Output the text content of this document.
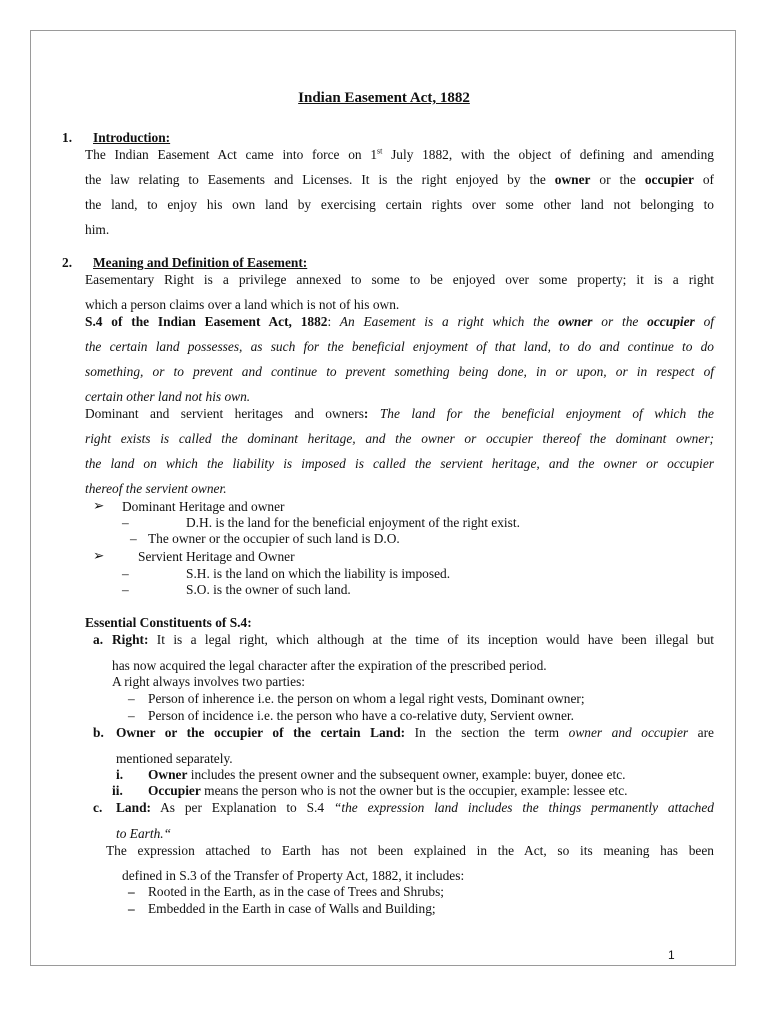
Indian Easement Act, 1882
1. Introduction:
The Indian Easement Act came into force on 1st July 1882, with the object of defining and amending
the law relating to Easements and Licenses. It is the right enjoyed by the owner or the occupier of
the land, to enjoy his own land by exercising certain rights over some other land not belonging to
him.
2. Meaning and Definition of Easement:
Easementary Right is a privilege annexed to some to be enjoyed over some property; it is a right
which a person claims over a land which is not of his own.
S.4 of the Indian Easement Act, 1882: An Easement is a right which the owner or the occupier of
the certain land possesses, as such for the beneficial enjoyment of that land, to do and continue to do
something, or to prevent and continue to prevent something being done, in or upon, or in respect of
certain other land not his own.
Dominant and servient heritages and owners: The land for the beneficial enjoyment of which the
right exists is called the dominant heritage, and the owner or occupier thereof the dominant owner;
the land on which the liability is imposed is called the servient heritage, and the owner or occupier
thereof the servient owner.
➢ Dominant Heritage and owner
–	D.H. is the land for the beneficial enjoyment of the right exist.
– The owner or the occupier of such land is D.O.
➢	Servient Heritage and Owner
–	S.H. is the land on which the liability is imposed.
–	S.O. is the owner of such land.
Essential Constituents of S.4:
a. Right: It is a legal right, which although at the time of its inception would have been illegal but
has now acquired the legal character after the expiration of the prescribed period.
A right always involves two parties:
– Person of inherence i.e. the person on whom a legal right vests, Dominant owner;
– Person of incidence i.e. the person who have a co-relative duty, Servient owner.
b. Owner or the occupier of the certain Land: In the section the term owner and occupier are
mentioned separately.
i. Owner includes the present owner and the subsequent owner, example: buyer, donee etc.
ii. Occupier means the person who is not the owner but is the occupier, example: lessee etc.
c. Land: As per Explanation to S.4 “the expression land includes the things permanently attached
to Earth.“
The expression attached to Earth has not been explained in the Act, so its meaning has been
defined in S.3 of the Transfer of Property Act, 1882, it includes:
– Rooted in the Earth, as in the case of Trees and Shrubs;
– Embedded in the Earth in case of Walls and Building;
1
